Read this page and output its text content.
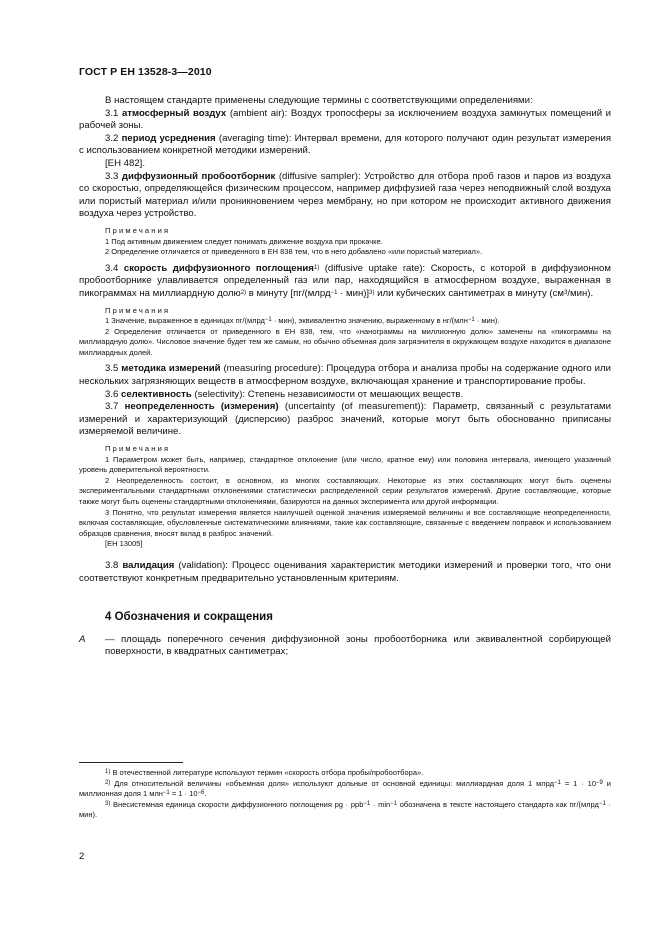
ГОСТ Р ЕН 13528-3—2010

В настоящем стандарте применены следующие термины с соответствующими определениями:

3.1 атмосферный воздух (ambient air): Воздух тропосферы за исключением воздуха замкнутых помещений и рабочей зоны.

3.2 период усреднения (averaging time): Интервал времени, для которого получают один результат измерения с использованием конкретной методики измерений.

[ЕН 482].

3.3 диффузионный пробоотборник (diffusive sampler): Устройство для отбора проб газов и паров из воздуха со скоростью, определяющейся физическим процессом, например диффузией газа через неподвижный слой воздуха или пористый материал и/или проникновением через мембрану, но при котором не происходит активного движения воздуха через устройство.

Примечания

1 Под активным движением следует понимать движение воздуха при прокачке.

2 Определение отличается от приведенного в ЕН 838 тем, что в него добавлено «или пористый материал».

3.4 скорость диффузионного поглощения$^{1)}$ (diffusive uptake rate): Скорость, с которой в диффузионном пробоотборнике улавливается определенный газ или пар, находящийся в атмосферном воздухе, выраженная в пикограммах на миллиардную долю$^{2)}$ в минуту [пг/(млрд$^{-1}$ · мин)]$^{3)}$ или кубических сантиметрах в минуту $(см^3/мин)$.

Примечания

1 Значение, выраженное в единицах пг/(млрд$^{-1}$ · мин), эквивалентно значению, выраженному в нг/(млн$^{-1}$ · мин).

2 Определение отличается от приведенного в ЕН 838, тем, что «нанограммы на миллионную долю» заменены на «пикограммы на миллиардную долю». Числовое значение будет тем же самым, но обычно объемная доля загрязнителя в окружающем воздухе находится в диапазоне миллиардных долей.

3.5 методика измерений (measuring procedure): Процедура отбора и анализа пробы на содержание одного или нескольких загрязняющих веществ в атмосферном воздухе, включающая хранение и транспортирование пробы.

3.6 селективность (selectivity): Степень независимости от мешающих веществ.

3.7 неопределенность (измерения) (uncertainty (of measurement)): Параметр, связанный с результатами измерений и характеризующий (дисперсию) разброс значений, которые могут быть обоснованно приписаны измеряемой величине.

Примечания

1 Параметром может быть, например, стандартное отклонение (или число, кратное ему) или половина интервала, имеющего указанный уровень доверительной вероятности.

2 Неопределенность состоит, в основном, из многих составляющих. Некоторые из этих составляющих могут быть оценены экспериментальными стандартными отклонениями статистически распределенной серии результатов измерений. Другие составляющие, которые также могут быть оценены стандартными отклонениями, базируются на данных эксперимента или другой информации.

3 Понятно, что результат измерения является наилучшей оценкой значения измеряемой величины и все составляющие неопределенности, включая составляющие, обусловленные систематическими влияниями, такие как составляющие, связанные с введением поправок и использованием образцов сравнения, вносят вклад в разброс значений.

[ЕН 13005]

3.8 валидация (validation): Процесс оценивания характеристик методики измерений и проверки того, что они соответствуют конкретным предварительно установленным критериям.

4 Обозначения и сокращения
A	— площадь поперечного сечения диффузионной зоны пробоотборника или эквивалентной сорбирующей поверхности, в квадратных сантиметрах;

$^{1)}$ В отечественной литературе используют термин «скорость отбора пробы/пробоотбора».

$^{2)}$ Для относительной величины «объемная доля» используют дольные от основной единицы: миллиардная доля 1 млрд$^{-1}$ = $1 \cdot 10^{-9}$ и миллионная доля 1 $млн^{-1} = 1 \cdot 10^{-6}$.

$^{3)}$ Внесистемная единица скорости диффузионного поглощения pg · $ppb^{-1} \cdot \min^{-1}$ обозначена в тексте настоящего стандарта как пг/(млрд$^{-1}$ · мин).

2
